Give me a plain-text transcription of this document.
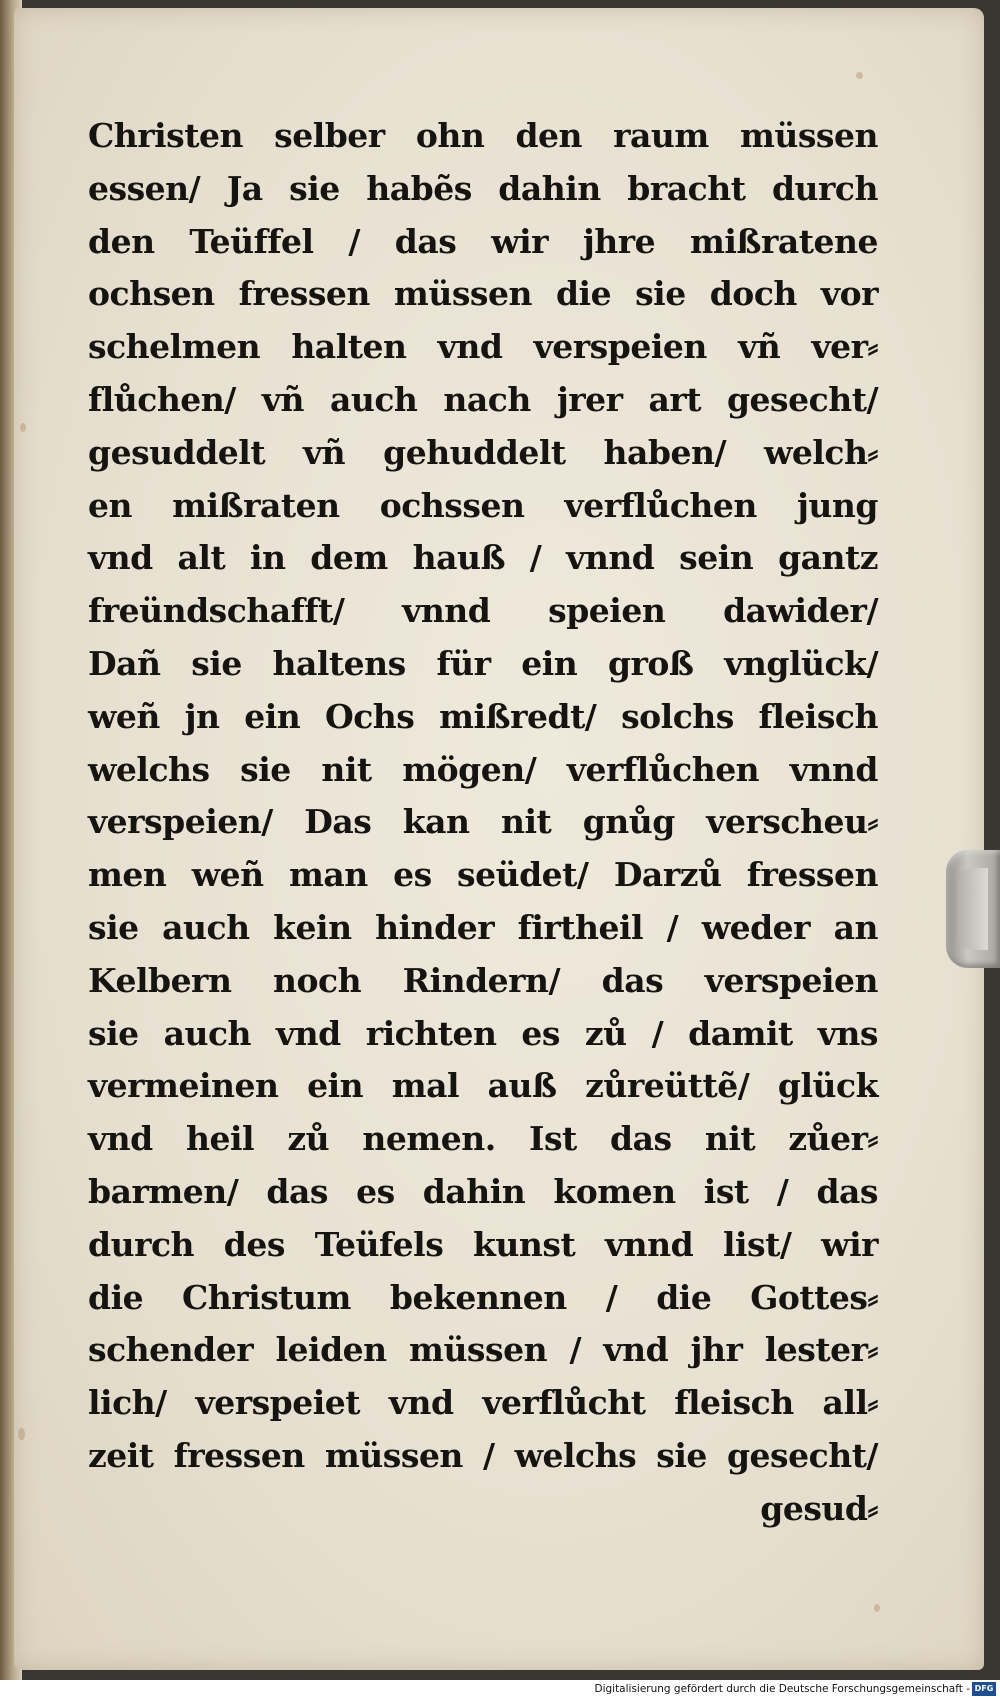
Christen selber ohn den raum müssen
essen/ Ja sie habẽs dahin bracht durch
den Teüffel / das wir jhre mißratene
ochsen fressen müssen die sie doch vor
schelmen halten vnd verspeien vñ ver⸗
flůchen/ vñ auch nach jrer art gesecht/
gesuddelt vñ gehuddelt haben/ welch⸗
en mißraten ochssen verflůchen jung
vnd alt in dem hauß / vnnd sein gantz
freündschafft/ vnnd speien dawider/
Dañ sie haltens für ein groß vnglück/
weñ jn ein Ochs mißredt/ solchs fleisch
welchs sie nit mögen/ verflůchen vnnd
verspeien/ Das kan nit gnůg verscheu⸗
men weñ man es seüdet/ Darzů fressen
sie auch kein hinder firtheil / weder an
Kelbern noch Rindern/ das verspeien
sie auch vnd richten es zů / damit vns
vermeinen ein mal auß zůreüttẽ/ glück
vnd heil zů nemen. Ist das nit zůer⸗
barmen/ das es dahin komen ist / das
durch des Teüfels kunst vnnd list/ wir
die Christum bekennen / die Gottes⸗
schender leiden müssen / vnd jhr lester⸗
lich/ verspeiet vnd verflůcht fleisch all⸗
zeit fressen müssen / welchs sie gesecht/
gesud⸗
Digitalisierung gefördert durch die Deutsche Forschungsgemeinschaft - DFG
